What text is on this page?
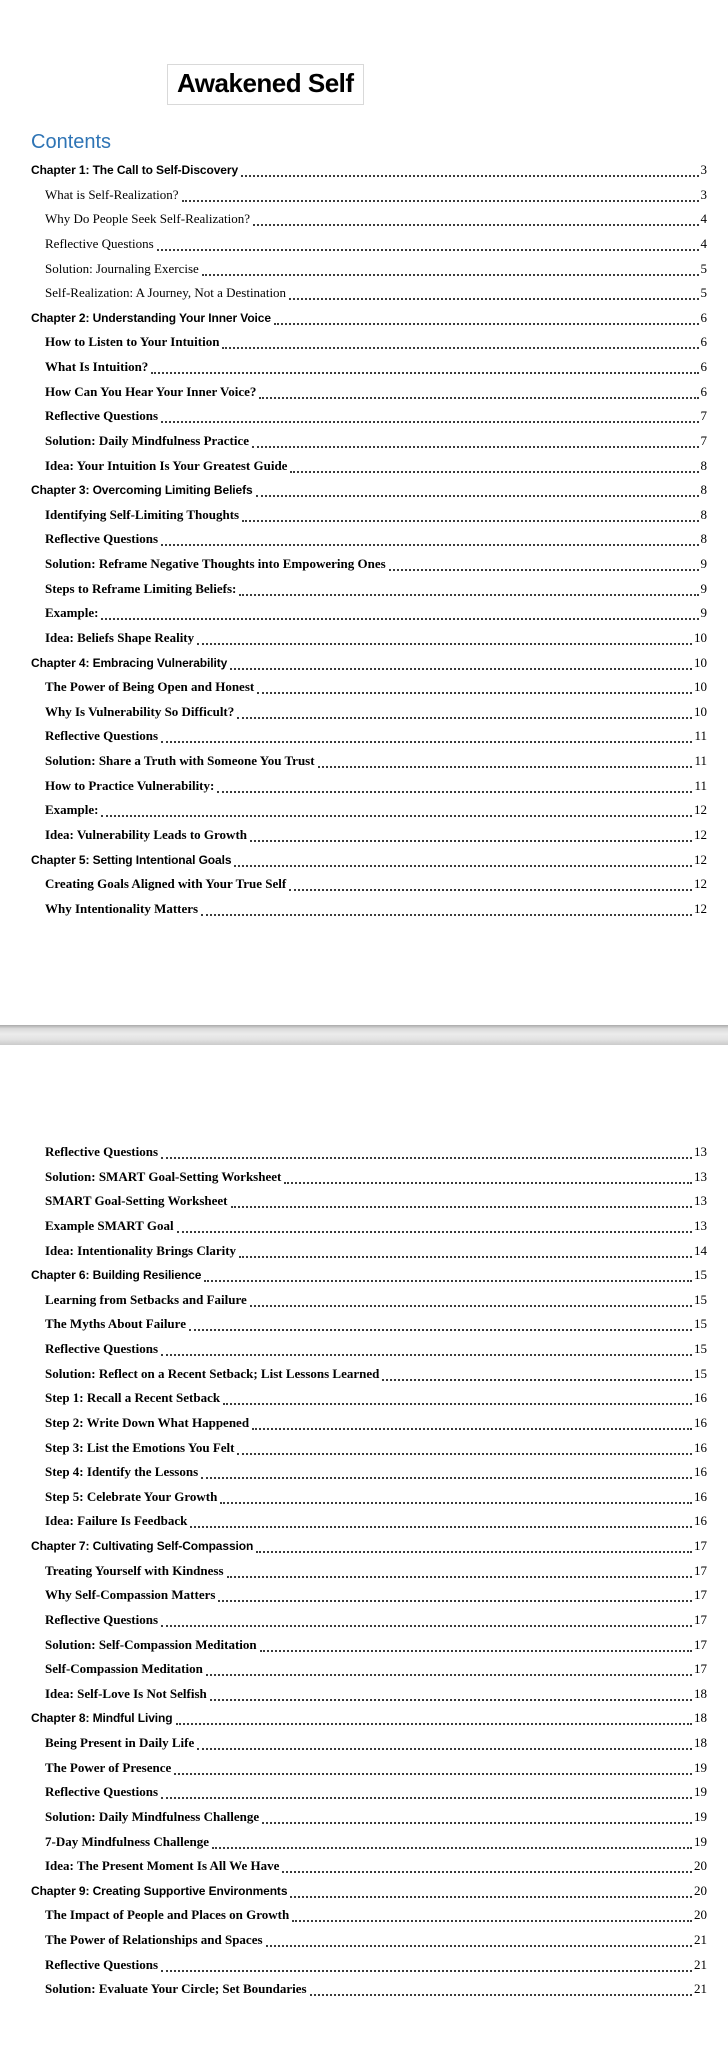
Awakened Self
Contents
Chapter 1: The Call to Self-Discovery	3
What is Self-Realization?	3
Why Do People Seek Self-Realization?	4
Reflective Questions	4
Solution: Journaling Exercise	5
Self-Realization: A Journey, Not a Destination	5
Chapter 2: Understanding Your Inner Voice	6
How to Listen to Your Intuition	6
What Is Intuition?	6
How Can You Hear Your Inner Voice?	6
Reflective Questions	7
Solution: Daily Mindfulness Practice	7
Idea: Your Intuition Is Your Greatest Guide	8
Chapter 3: Overcoming Limiting Beliefs	8
Identifying Self-Limiting Thoughts	8
Reflective Questions	8
Solution: Reframe Negative Thoughts into Empowering Ones	9
Steps to Reframe Limiting Beliefs:	9
Example:	9
Idea: Beliefs Shape Reality	10
Chapter 4: Embracing Vulnerability	10
The Power of Being Open and Honest	10
Why Is Vulnerability So Difficult?	10
Reflective Questions	11
Solution: Share a Truth with Someone You Trust	11
How to Practice Vulnerability:	11
Example:	12
Idea: Vulnerability Leads to Growth	12
Chapter 5: Setting Intentional Goals	12
Creating Goals Aligned with Your True Self	12
Why Intentionality Matters	12
Reflective Questions	13
Solution: SMART Goal-Setting Worksheet	13
SMART Goal-Setting Worksheet	13
Example SMART Goal	13
Idea: Intentionality Brings Clarity	14
Chapter 6: Building Resilience	15
Learning from Setbacks and Failure	15
The Myths About Failure	15
Reflective Questions	15
Solution: Reflect on a Recent Setback; List Lessons Learned	15
Step 1: Recall a Recent Setback	16
Step 2: Write Down What Happened	16
Step 3: List the Emotions You Felt	16
Step 4: Identify the Lessons	16
Step 5: Celebrate Your Growth	16
Idea: Failure Is Feedback	16
Chapter 7: Cultivating Self-Compassion	17
Treating Yourself with Kindness	17
Why Self-Compassion Matters	17
Reflective Questions	17
Solution: Self-Compassion Meditation	17
Self-Compassion Meditation	17
Idea: Self-Love Is Not Selfish	18
Chapter 8: Mindful Living	18
Being Present in Daily Life	18
The Power of Presence	19
Reflective Questions	19
Solution: Daily Mindfulness Challenge	19
7-Day Mindfulness Challenge	19
Idea: The Present Moment Is All We Have	20
Chapter 9: Creating Supportive Environments	20
The Impact of People and Places on Growth	20
The Power of Relationships and Spaces	21
Reflective Questions	21
Solution: Evaluate Your Circle; Set Boundaries	21
